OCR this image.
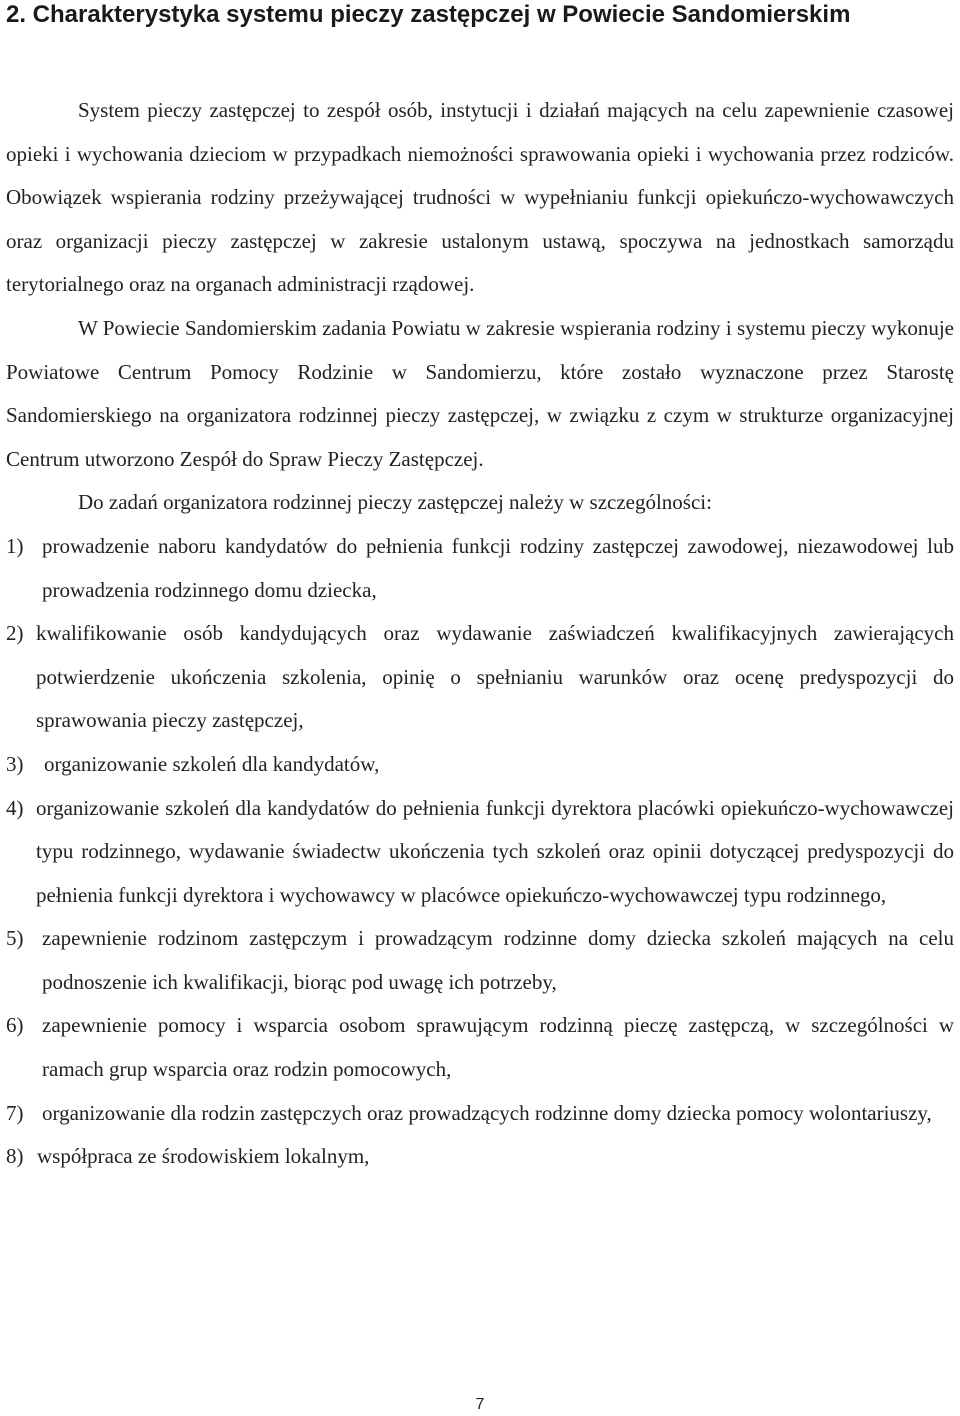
2. Charakterystyka systemu pieczy zastępczej w Powiecie Sandomierskim

System pieczy zastępczej to zespół osób, instytucji i działań mających na celu zapewnienie czasowej opieki i wychowania dzieciom w przypadkach niemożności sprawowania opieki i wychowania przez rodziców. Obowiązek wspierania rodziny przeżywającej trudności w wypełnianiu funkcji opiekuńczo-wychowawczych oraz organizacji pieczy zastępczej w zakresie ustalonym ustawą, spoczywa na jednostkach samorządu terytorialnego oraz na organach administracji rządowej.

W Powiecie Sandomierskim zadania Powiatu w zakresie wspierania rodziny i systemu pieczy wykonuje Powiatowe Centrum Pomocy Rodzinie w Sandomierzu, które zostało wyznaczone przez Starostę Sandomierskiego na organizatora rodzinnej pieczy zastępczej, w związku z czym w strukturze organizacyjnej Centrum utworzono Zespół do Spraw Pieczy Zastępczej.

Do zadań organizatora rodzinnej pieczy zastępczej należy w szczególności:

1) prowadzenie naboru kandydatów do pełnienia funkcji rodziny zastępczej zawodowej, niezawodowej lub prowadzenia rodzinnego domu dziecka,
2) kwalifikowanie osób kandydujących oraz wydawanie zaświadczeń kwalifikacyjnych zawierających potwierdzenie ukończenia szkolenia, opinię o spełnianiu warunków oraz ocenę predyspozycji do sprawowania pieczy zastępczej,
3) organizowanie szkoleń dla kandydatów,
4) organizowanie szkoleń dla kandydatów do pełnienia funkcji dyrektora placówki opiekuńczo-wychowawczej typu rodzinnego, wydawanie świadectw ukończenia tych szkoleń oraz opinii dotyczącej predyspozycji do pełnienia funkcji dyrektora i wychowawcy w placówce opiekuńczo-wychowawczej typu rodzinnego,
5) zapewnienie rodzinom zastępczym i prowadzącym rodzinne domy dziecka szkoleń mających na celu podnoszenie ich kwalifikacji, biorąc pod uwagę ich potrzeby,
6) zapewnienie pomocy i wsparcia osobom sprawującym rodzinną pieczę zastępczą, w szczególności w ramach grup wsparcia oraz rodzin pomocowych,
7) organizowanie dla rodzin zastępczych oraz prowadzących rodzinne domy dziecka pomocy wolontariuszy,
8) współpraca ze środowiskiem lokalnym,
7
